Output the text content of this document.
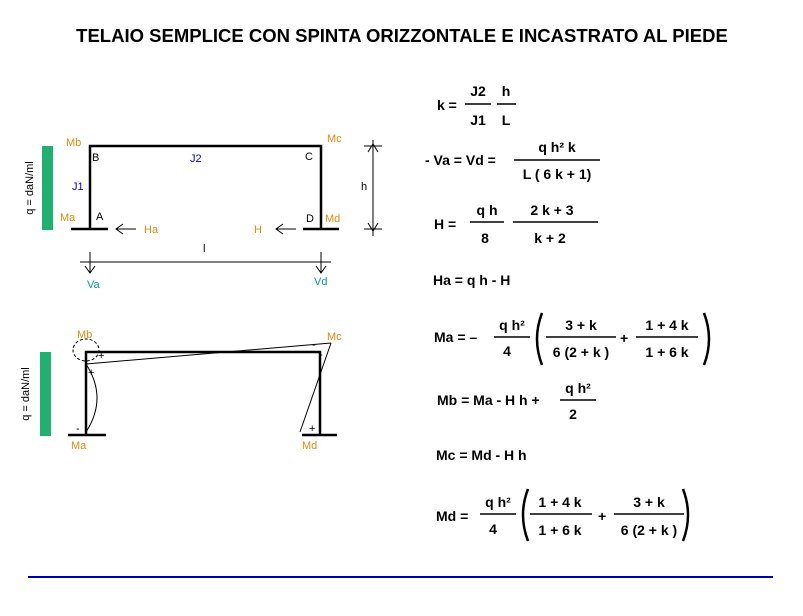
TELAIO SEMPLICE CON SPINTA ORIZZONTALE E INCASTRATO AL PIEDE
q = daN/ml
B	C
A	D
J2
J1
Mb	Mc
Ma	Md
Ha	H
h
l
Va	Vd
q = daN/ml
+
+
-
-
-	+
Mb	Mc
Ma	Md
k =
J2
J1
h
L
- Va = Vd =
q h² k
L ( 6 k + 1)
H =
q h
8
2 k + 3
k + 2
Ha = q h - H
Ma = –
q h²
4
3 + k
6 (2 + k )
+
1 + 4 k
1 + 6 k
Mb = Ma - H h +
q h²
2
Mc = Md - H h
Md =
q h²
4
1 + 4 k
1 + 6 k
+
3 + k
6 (2 + k )
